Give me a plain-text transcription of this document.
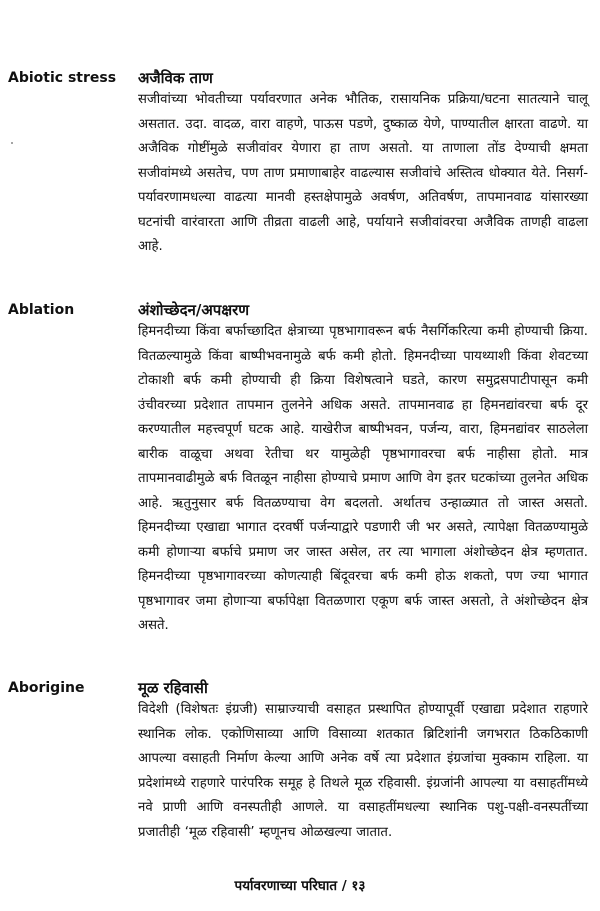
Abiotic stress अजैविक ताण
सजीवांच्या भोवतीच्या पर्यावरणात अनेक भौतिक, रासायनिक प्रक्रिया/घटना सातत्याने चालू असतात. उदा. वादळ, वारा वाहणे, पाऊस पडणे, दुष्काळ येणे, पाण्यातील क्षारता वाढणे. या अजैविक गोष्टींमुळे सजीवांवर येणारा हा ताण असतो. या ताणाला तोंड देण्याची क्षमता सजीवांमध्ये असतेच, पण ताण प्रमाणाबाहेर वाढल्यास सजीवांचे अस्तित्व धोक्यात येते. निसर्ग-पर्यावरणामधल्या वाढत्या मानवी हस्तक्षेपामुळे अवर्षण, अतिवर्षण, तापमानवाढ यांसारख्या घटनांची वारंवारता आणि तीव्रता वाढली आहे, पर्यायाने सजीवांवरचा अजैविक ताणही वाढला आहे.
Ablation	अंशोच्छेदन/अपक्षरण
हिमनदीच्या किंवा बर्फाच्छादित क्षेत्राच्या पृष्ठभागावरून बर्फ नैसर्गिकरित्या कमी होण्याची क्रिया. वितळल्यामुळे किंवा बाष्पीभवनामुळे बर्फ कमी होतो. हिमनदीच्या पायथ्याशी किंवा शेवटच्या टोकाशी बर्फ कमी होण्याची ही क्रिया विशेषत्वाने घडते, कारण समुद्रसपाटीपासून कमी उंचीवरच्या प्रदेशात तापमान तुलनेने अधिक असते. तापमानवाढ हा हिमनद्यांवरचा बर्फ दूर करण्यातील महत्त्वपूर्ण घटक आहे. याखेरीज बाष्पीभवन, पर्जन्य, वारा, हिमनद्यांवर साठलेला बारीक वाळूचा अथवा रेतीचा थर यामुळेही पृष्ठभागावरचा बर्फ नाहीसा होतो. मात्र तापमानवाढीमुळे बर्फ वितळून नाहीसा होण्याचे प्रमाण आणि वेग इतर घटकांच्या तुलनेत अधिक आहे. ऋतुनुसार बर्फ वितळण्याचा वेग बदलतो. अर्थातच उन्हाळ्यात तो जास्त असतो. हिमनदीच्या एखाद्या भागात दरवर्षी पर्जन्याद्वारे पडणारी जी भर असते, त्यापेक्षा वितळण्यामुळे कमी होणाऱ्या बर्फाचे प्रमाण जर जास्त असेल, तर त्या भागाला अंशोच्छेदन क्षेत्र म्हणतात. हिमनदीच्या पृष्ठभागावरच्या कोणत्याही बिंदूवरचा बर्फ कमी होऊ शकतो, पण ज्या भागात पृष्ठभागावर जमा होणाऱ्या बर्फापेक्षा वितळणारा एकूण बर्फ जास्त असतो, ते अंशोच्छेदन क्षेत्र असते.
Aborigine	मूळ रहिवासी
विदेशी (विशेषतः इंग्रजी) साम्राज्याची वसाहत प्रस्थापित होण्यापूर्वी एखाद्या प्रदेशात राहणारे स्थानिक लोक. एकोणिसाव्या आणि विसाव्या शतकात ब्रिटिशांनी जगभरात ठिकठिकाणी आपल्या वसाहती निर्माण केल्या आणि अनेक वर्षे त्या प्रदेशात इंग्रजांचा मुक्काम राहिला. या प्रदेशांमध्ये राहणारे पारंपरिक समूह हे तिथले मूळ रहिवासी. इंग्रजांनी आपल्या या वसाहतींमध्ये नवे प्राणी आणि वनस्पतीही आणले. या वसाहतींमधल्या स्थानिक पशु-पक्षी-वनस्पतींच्या प्रजातीही ‘मूळ रहिवासी’ म्हणूनच ओळखल्या जातात.
पर्यावरणाच्या परिघात / १३
